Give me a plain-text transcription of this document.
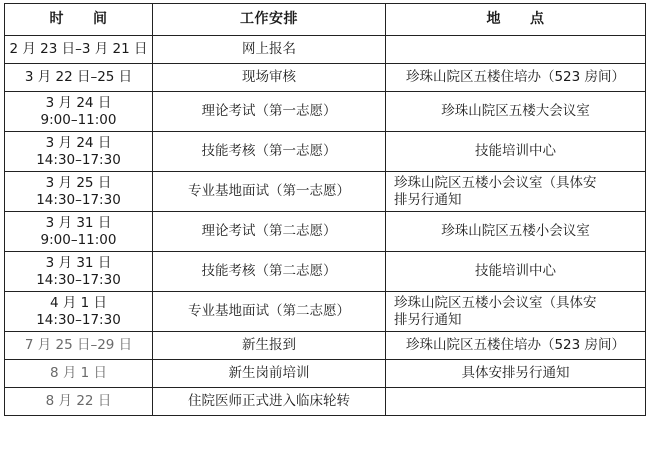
时　　间	工作安排	地　　点
2 月 23 日–3 月 21 日	网上报名	
3 月 22 日–25 日	现场审核	珍珠山院区五楼住培办（523 房间）

3 月 24 日
9:00–11:00	理论考试（第一志愿）	珍珠山院区五楼大会议室

3 月 24 日
14:30–17:30	技能考核（第一志愿）	技能培训中心

3 月 25 日
14:30–17:30	专业基地面试（第一志愿）	珍珠山院区五楼小会议室（具体安
排另行通知

3 月 31 日
9:00–11:00	理论考试（第二志愿）	珍珠山院区五楼小会议室

3 月 31 日
14:30–17:30	技能考核（第二志愿）	技能培训中心

4 月 1 日
14:30–17:30	专业基地面试（第二志愿）	珍珠山院区五楼小会议室（具体安
排另行通知

7 月 25 日–29 日	新生报到	珍珠山院区五楼住培办（523 房间）
8 月 1 日	新生岗前培训	具体安排另行通知
8 月 22 日	住院医师正式进入临床轮转	
